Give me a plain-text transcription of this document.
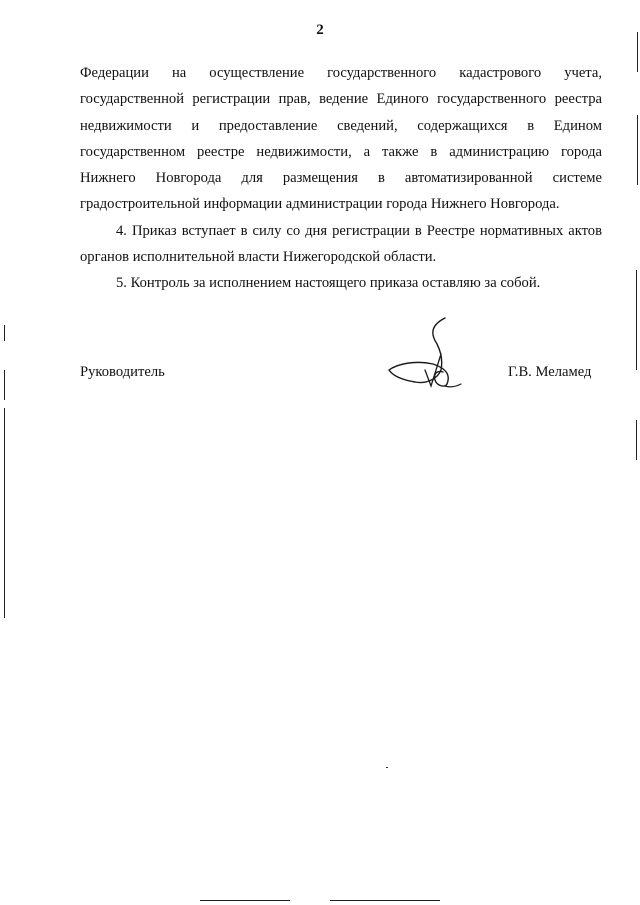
2

Федерации на осуществление государственного кадастрового учета,
государственной регистрации прав, ведение Единого государственного реестра
недвижимости и предоставление сведений, содержащихся в Едином
государственном реестре недвижимости, а также в администрацию города
Нижнего Новгорода для размещения в автоматизированной системе
градостроительной информации администрации города Нижнего Новгорода.

4. Приказ вступает в силу со дня регистрации в Реестре нормативных актов
органов исполнительной власти Нижегородской области.

5. Контроль за исполнением настоящего приказа оставляю за собой.

Руководитель	Г.В. Меламед
